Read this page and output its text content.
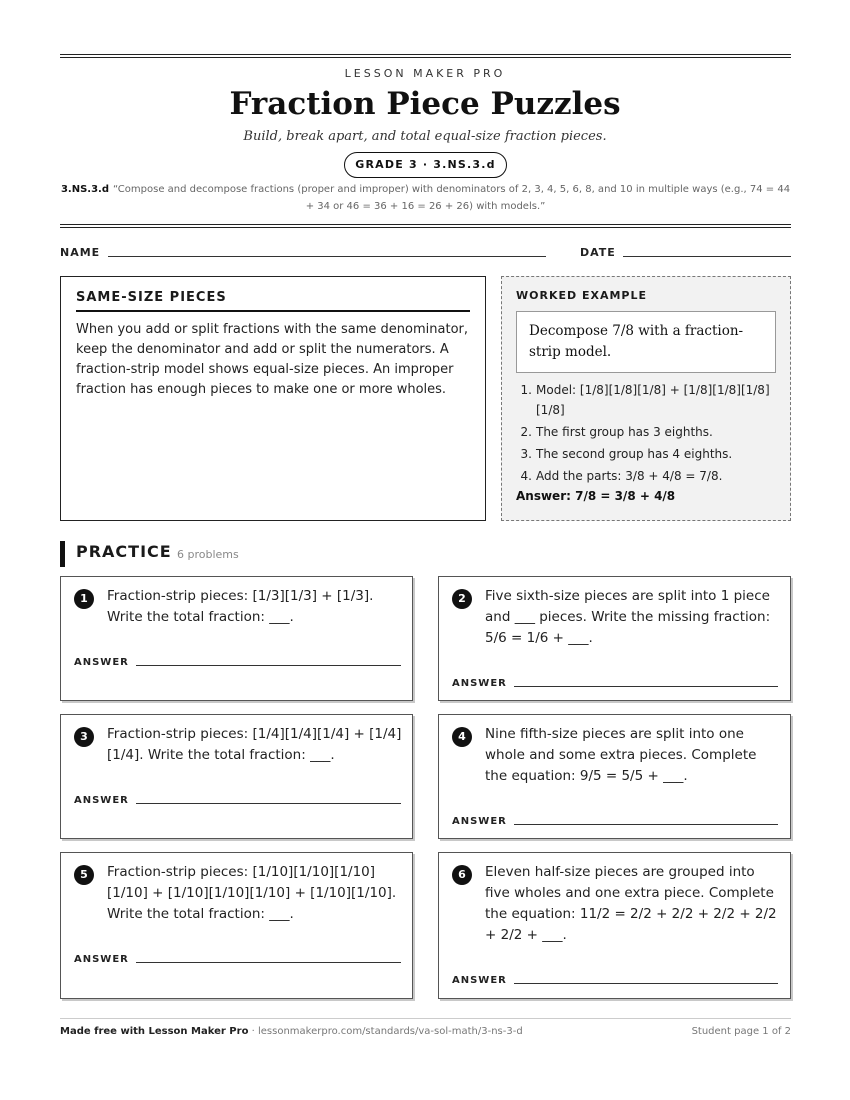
LESSON MAKER PRO
Fraction Piece Puzzles
Build, break apart, and total equal-size fraction pieces.
GRADE 3 · 3.NS.3.d
3.NS.3.d “Compose and decompose fractions (proper and improper) with denominators of 2, 3, 4, 5, 6, 8, and 10 in multiple ways (e.g., 74 = 44 + 34 or 46 = 36 + 16 = 26 + 26) with models.”
NAME	DATE
SAME-SIZE PIECES
When you add or split fractions with the same denominator, keep the denominator and add or split the numerators. A fraction-strip model shows equal-size pieces. An improper fraction has enough pieces to make one or more wholes.
WORKED EXAMPLE
Decompose 7/8 with a fraction-strip model.
1. Model: [1/8][1/8][1/8] + [1/8][1/8][1/8][1/8]
2. The first group has 3 eighths.
3. The second group has 4 eighths.
4. Add the parts: 3/8 + 4/8 = 7/8.
Answer: 7/8 = 3/8 + 4/8
PRACTICE 6 problems
1	Fraction-strip pieces: [1/3][1/3] + [1/3]. Write the total fraction: ___.
ANSWER
2	Five sixth-size pieces are split into 1 piece and ___ pieces. Write the missing fraction: 5/6 = 1/6 + ___.
ANSWER
3	Fraction-strip pieces: [1/4][1/4][1/4] + [1/4][1/4]. Write the total fraction: ___.
ANSWER
4	Nine fifth-size pieces are split into one whole and some extra pieces. Complete the equation: 9/5 = 5/5 + ___.
ANSWER
5	Fraction-strip pieces: [1/10][1/10][1/10][1/10] + [1/10][1/10][1/10] + [1/10][1/10]. Write the total fraction: ___.
ANSWER
6	Eleven half-size pieces are grouped into five wholes and one extra piece. Complete the equation: 11/2 = 2/2 + 2/2 + 2/2 + 2/2 + 2/2 + ___.
ANSWER
Made free with Lesson Maker Pro · lessonmakerpro.com/standards/va-sol-math/3-ns-3-d	Student page 1 of 2
